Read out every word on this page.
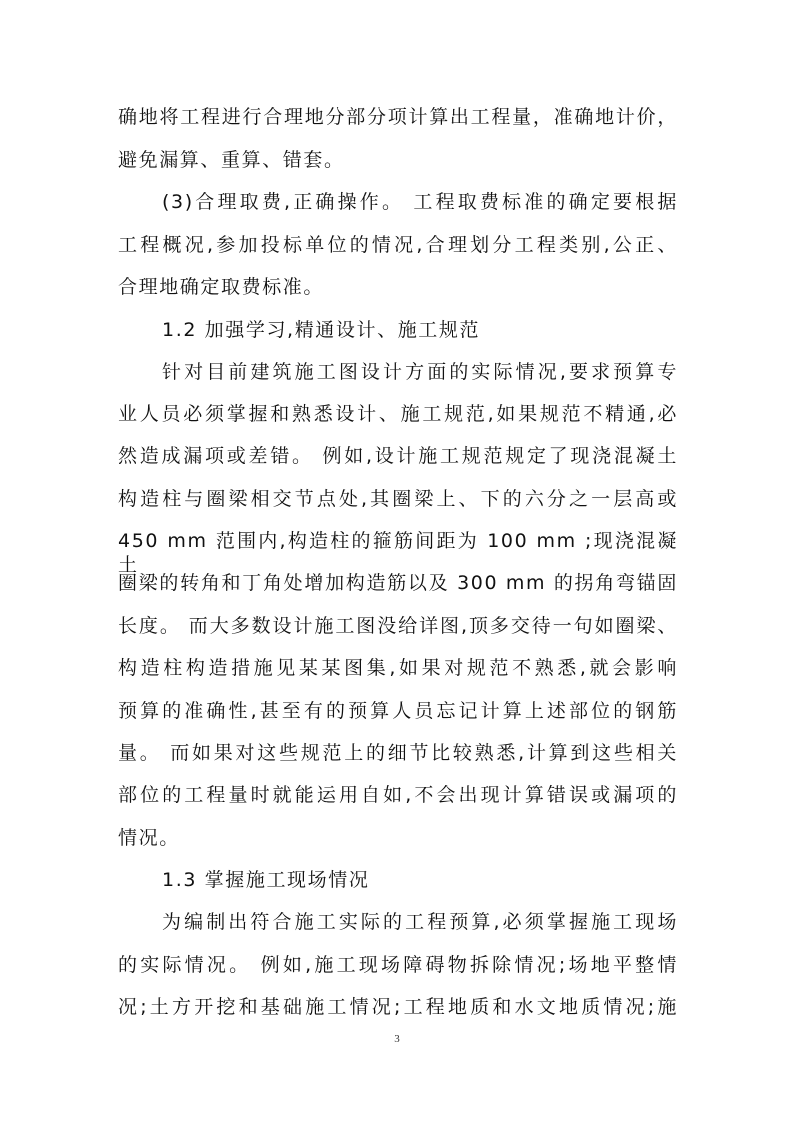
确地将工程进行合理地分部分项计算出工程量，准确地计价，
避免漏算、重算、错套。
(3)合理取费,正确操作。 工程取费标准的确定要根据
工程概况,参加投标单位的情况,合理划分工程类别,公正、
合理地确定取费标准。
1.2 加强学习,精通设计、施工规范
针对目前建筑施工图设计方面的实际情况,要求预算专
业人员必须掌握和熟悉设计、施工规范,如果规范不精通,必
然造成漏项或差错。 例如,设计施工规范规定了现浇混凝土
构造柱与圈梁相交节点处,其圈梁上、下的六分之一层高或
450 mm 范围内,构造柱的箍筋间距为 100 mm ;现浇混凝土
圈梁的转角和丁角处增加构造筋以及 300 mm 的拐角弯锚固
长度。 而大多数设计施工图没给详图,顶多交待一句如圈梁、
构造柱构造措施见某某图集,如果对规范不熟悉,就会影响
预算的准确性,甚至有的预算人员忘记计算上述部位的钢筋
量。 而如果对这些规范上的细节比较熟悉,计算到这些相关
部位的工程量时就能运用自如,不会出现计算错误或漏项的
情况。
1.3 掌握施工现场情况
为编制出符合施工实际的工程预算,必须掌握施工现场
的实际情况。 例如,施工现场障碍物拆除情况;场地平整情
况;土方开挖和基础施工情况;工程地质和水文地质情况;施
3
